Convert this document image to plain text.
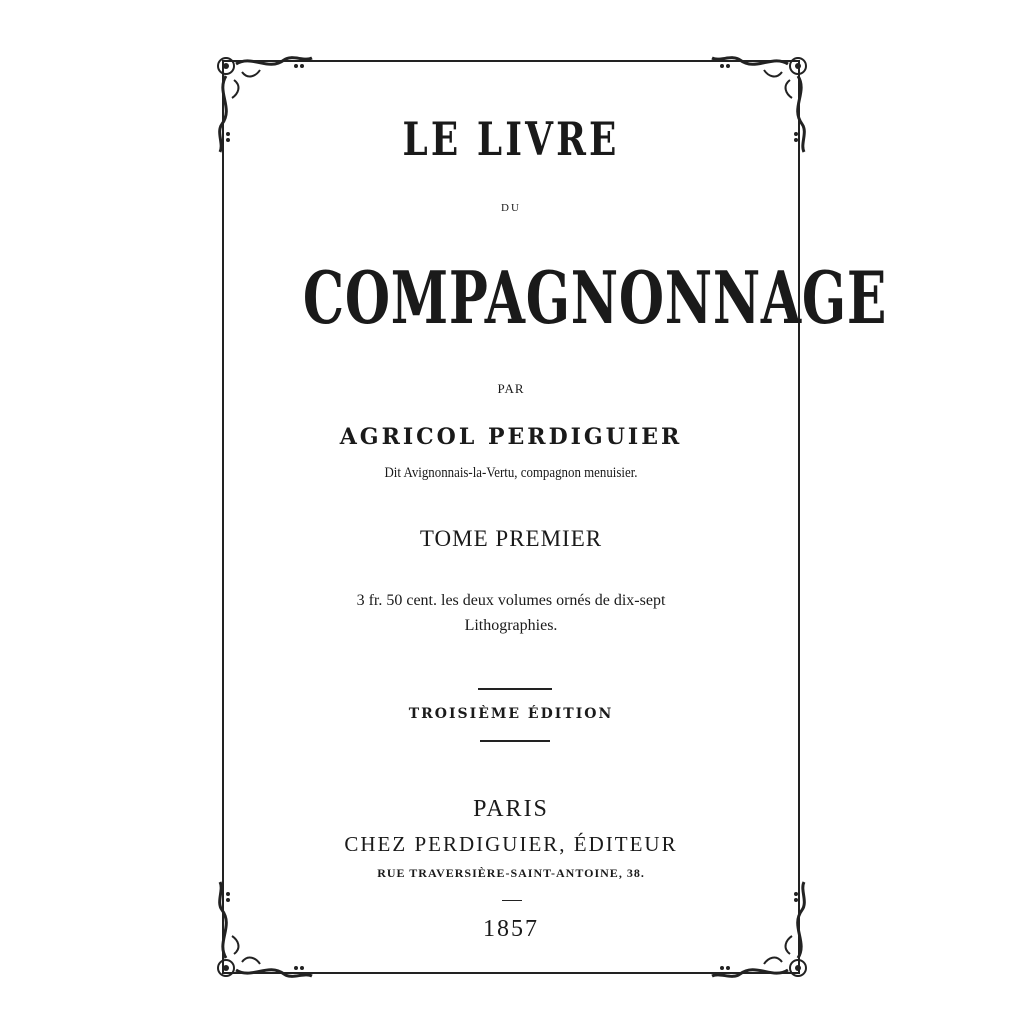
LE LIVRE
DU
COMPAGNONNAGE
PAR
AGRICOL PERDIGUIER
Dit Avignonnais-la-Vertu, compagnon menuisier.
TOME PREMIER
3 fr. 50 cent. les deux volumes ornés de dix-sept
Lithographies.
TROISIÈME ÉDITION
PARIS
CHEZ PERDIGUIER, ÉDITEUR
RUE TRAVERSIÈRE-SAINT-ANTOINE, 38.
1857
